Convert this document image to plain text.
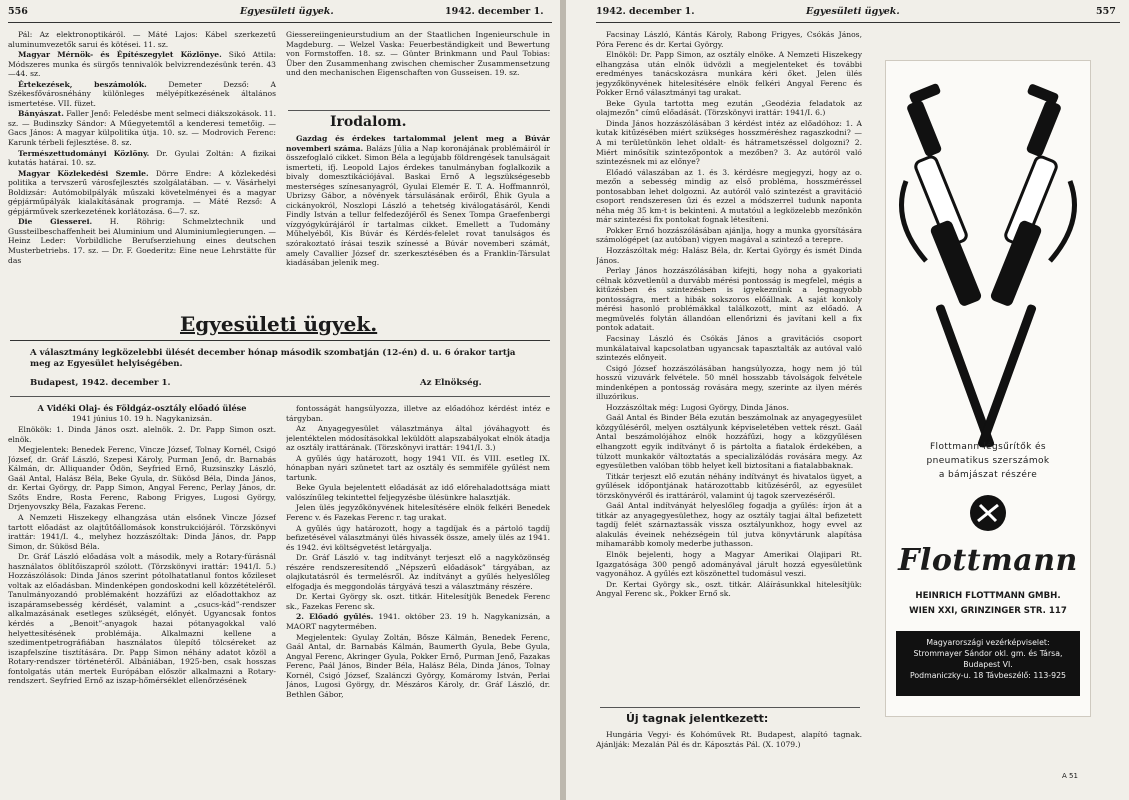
556	Egyesületi ügyek.	1942. december 1.

Pál: Az elektronoptikáról. — Máté Lajos: Kábel szerkezetű aluminumvezetők sarui és kötései. 11. sz.

Magyar Mérnök- és Építészegylet Közlönye. Sikó Attila: Módszeres munka és sürgős tennivalók belvizrendezésünk terén. 43—44. sz.

Értekezések, beszámolók.	Demeter Dezső: A Székesfővárosnéhány különleges mélyépítkezésének általános ismertetése. VII. füzet.

Bányászat. Faller Jenő: Feledésbe ment selmeci diákszokások. 11. sz. — Budinszky Sándor: A Műegyetemtől a kenderesi temetőig. — Gacs János: A magyar külpolitika útja. 10. sz. — Modrovich Ferenc: Karunk térbeli fejlesztése. 8. sz.

Természettudományi Közlöny. Dr. Gyulai Zoltán: A fizikai kutatás határai. 10. sz.

Magyar Közlekedési Szemle. Dörre Endre: A közlekedési politika a tervszerű városfejlesztés szolgálatában. — v. Vásárhelyi Boldizsár: Autómobilpályák műszaki követelményei és a magyar gépjárműpályák kialakításának programja. — Máté Rezső: A gépjárművek szerkezetének korlátozása. 6—7. sz.

Die Giesserei. H. Röhrig: Schmelztechnik und Gussteilbeschaffenheit bei Aluminium und Aluminiumlegierungen. — Heinz Leder: Vorbildliche Berufserziehung eines deutschen Musterbetriebs. 17. sz. — Dr. F. Goederitz: Eine neue Lehrstätte für das

Giessereiingenieurstudium an der Staatlichen Ingenieurschule in Magdeburg. — Welzel Vaska: Feuerbeständigkeit und Bewertung von Formstoffen. 18. sz. — Günter Brinkmann und Paul Tobias: Über den Zusammenhang zwischen chemischer Zusammensetzung und den mechanischen Eigenschaften von Gusseisen. 19. sz.

Irodalom.

Gazdag és érdekes tartalommal jelent meg a Búvár novemberi száma. Balázs Júlia a Nap koronájának problémáiról ír összefoglaló cikket. Simon Béla a legújabb földrengések tanulságait ismerteti, ifj. Leopold Lajos érdekes tanulmányban foglalkozik a bivaly domesztikációjával. Baskai Ernő A legszükségesebb mesterséges színesanyagról, Gyulai Elemér E. T. A. Hoffmannról, Ubrizsy Gábor, a növények társulásának erőiről, Éhik Gyula a cickányokról, Noszlopi László a tehetség kiválogatásáról, Kendi Findly István a tellur felfedezőjéről és Senex Tompa Graefenbergi vízgyógykúrájáról ír tartalmas cikket. Emellett a Tudomány Műhelyéből, Kis Búvár és Kérdés-felelet rovat tanulságos és szórakoztató írásai teszik színessé a Búvár novemberi számát, amely Cavallier József dr. szerkesztésében és a Franklin-Társulat kiadásában jelenik meg.

Egyesületi ügyek.
A választmány legközelebbi ülését december hónap második szombatján (12-én) d. u. 6 órakor tartja meg az Egyesület helyiségében.
Budapest, 1942. december 1.	Az Elnökség.
A Vidéki Olaj- és Földgáz-osztály előadó ülése
1941 június 10. 19 h. Nagykanizsán.

Elnökök: 1. Dinda János oszt. alelnök. 2. Dr. Papp Simon oszt. elnök.

Megjelentek: Benedek Ferenc, Vincze József, Tolnay Kornél, Csigó József, dr. Gráf László, Szepesi Károly, Purman Jenő, dr. Barnabás Kálmán, dr. Alliquander Ödön, Seyfried Ernő, Ruzsinszky László, Gaál Antal, Halász Béla, Beke Gyula, dr. Sükösd Béla, Dinda János, dr. Kertai György, dr. Papp Simon, Angyal Ferenc, Perlay János, dr. Szőts Endre, Rosta Ferenc, Rabong Frigyes, Lugosi György, Drjenyovszky Béla, Fazakas Ferenc.

A Nemzeti Hiszekegy elhangzása után elsőnek Vincze József tartott előadást az olajtűtőállomások konstrukciójáról. Törzskönyvi irattár: 1941/I. 4., melyhez hozzászóltak: Dinda János, dr. Papp Simon, dr. Sükösd Béla.

Dr. Gráf László előadása volt a második, mely a Rotary-fúrásnál használatos öblítőiszapról szólott. (Törzskönyvi irattár: 1941/I. 5.) Hozzászólások: Dinda János szerint pótolhatatlanul fontos kőzileset voltak az előadásban. Mindenképen gondoskodni kell közzétételéről. Tanulmányozandó problémaként hozzáfűzi az előadottakhoz az iszapáramsebesség kérdését, valamint a „csucs-kád”-rendszer alkalmazásának esetleges szükségét, előnyét. Ugyancsak fontos kérdés a „Benoit”-anyagok hazai pótanyagokkal való helyettesítésének problémája. Alkalmazni kellene a szedimentpetrográfiában használatos ülepítő tölcséreket az iszapfelszíne tisztítására. Dr. Papp Simon néhány adatot közöl a Rotary-rendszer történetéről. Albániában, 1925-ben, csak hosszas fontolgatás után mertek Európában először alkalmazni a Rotary-rendszert. Seyfried Ernő az iszap-hőmérséklet ellenőrzésének

fontosságát hangsúlyozza, illetve az előadóhoz kérdést intéz e tárgyban.

Az Anyagegyesület választmánya által jóváhagyott és jelentéktelen módosításokkal leküldött alapszabályokat elnök átadja az osztály irattárának. (Törzskönyvi irattár: 1941/I. 3.)

A gyűlés úgy határozott, hogy 1941 VII. és VIII. esetleg IX. hónapban nyári szünetet tart az osztály és semmiféle gyűlést nem tartunk.

Beke Gyula bejelentett előadását az idő előrehaladottsága miatt valószínűleg tekintettel feljegyzésbe ülésünkre halasztják.

Jelen ülés jegyzőkönyvének hitelesítésére elnök felkéri Benedek Ferenc v. és Fazekas Ferenc r. tag urakat.

A gyűlés úgy határozott, hogy a tagdíjak és a pártoló tagdíj befizetésével választmányi ülés hivassék össze, amely ülés az 1941. és 1942. évi költségvetést letárgyalja.

Dr. Gráf László v. tag indítványt terjeszt elő a nagyközönség részére rendszeresítendő „Népszerű előadások” tárgyában, az olajkutatásról és termelésről. Az indítványt a gyűlés helyeslőleg elfogadja és meggondolás tárgyává teszi a választmány részére.

Dr. Kertai György sk. oszt. titkár. Hitelesítjük Benedek Ferenc sk., Fazekas Ferenc sk.

2. Előadó gyűlés. 1941. október 23. 19 h. Nagykanizsán, a MAORT nagytermében.

Megjelentek: Gyulay Zoltán, Bősze Kálmán, Benedek Ferenc, Gaál Antal, dr. Barnabás Kálmán, Baumerth Gyula, Bebe Gyula, Angyal Ferenc, Akringer Gyula, Pokker Ernő, Purman Jenő, Fazakas Ferenc, Paál János, Binder Béla, Halász Béla, Dinda János, Tolnay Kornél, Csigó József, Szalánczi György, Komáromy István, Perlai János, Lugosi György, dr. Mészáros Károly, dr. Gráf László, dr. Bethlen Gábor,

1942. december 1.	Egyesületi ügyek.	557

Facsinay László, Kántás Károly, Rabong Frigyes, Csókás János, Póra Ferenc és dr. Kertai György.

Elnököl: Dr. Papp Simon, az osztály elnöke. A Nemzeti Hiszekegy elhangzása után elnök üdvözli a megjelenteket és további eredményes tanácskozásra munkára kéri őket. Jelen ülés jegyzőkönyvének hitelesítésére elnök felkéri Angyal Ferenc és Pokker Ernő választmányi tag urakat.

Beke Gyula tartotta meg ezután „Geodézia feladatok az olajmezőn” című előadását. (Törzskönyvi irattár: 1941/I. 6.)

Dinda János hozzászólásában 3 kérdést intéz az előadóhoz: 1. A kutak kitűzésében miért szükséges hosszméréshez ragaszkodni? — A mi területünkön lehet oldalt- és hátrametszéssel dolgozni? 2. Miért minősítik szintezőpontok a mezőben? 3. Az autóról való szintezésnek mi az előnye?

Előadó válaszában az 1. és 3. kérdésre megjegyzi, hogy az o. mezőn a sebesség mindig az első probléma, hosszméréssel pontosabban lehet dolgozni. Az autóról való szintezést a gravitáció csoport rendszeresen űzi és ezzel a módszerrel tudunk naponta néha még 35 km-t is bekinteni. A mutatóul a legközelebb mezőnkön már szintezési fix pontokat fognak létesíteni.

Pokker Ernő hozzászólásában ajánlja, hogy a munka gyorsítására számológépet (az autóban) vigyen magával a szintező a terepre.

Hozzászóltak még: Halász Béla, dr. Kertai György és ismét Dinda János.

Perlay János hozzászólásában kifejti, hogy noha a gyakoriati célnak közvetlenül a durvább mérési pontosság is megfelel, mégis a kitűzésben és szintezésben is igyekeznünk a legnagyobb pontosságra, mert a hibák sokszoros előállnak. A saját konkoly mérési hasonló problémákkal találkozott, mint az előadó. A megmüvelés folytán állandóan ellenőrizni és javítani kell a fix pontok adatait.

Facsinay László és Csókás János a gravitációs csoport munkálataival kapcsolatban ugyancsak tapasztalták az autóval való szintezés előnyeit.

Csigó József hozzászólásában hangsúlyozza, hogy nem jó túl hosszú vizuvárk felvétele. 50 mnél hosszabb távolságok felvétele mindenképen a pontosság rovására megy, szerinte az ilyen mérés illuzórikus.

Hozzászóltak még: Lugosi György, Dinda János.

Gaál Antal és Binder Béla ezután beszámolnak az anyagegyesület közgyűléséről, melyen osztályunk képviseletében vettek részt. Gaál Antal beszámolójához elnök hozzáfűzi, hogy a közgyűlésen elhangzott egyik indítványt ő is pártolta a fiatalok érdekében, a túlzott munkakör változtatás a specializálódás rovására megy. Az egyesületben valóban több helyet kell biztosítani a fiatalabbaknak.

Titkár terjeszt elő ezután néhány indítványt és hivatalos ügyet, a gyűlések időpontjának határozottabb kitűzéséről, az egyesület törzskönyvéről és irattáráról, valamint új tagok szervezéséről.

Gaál Antal indítványát helyeslőleg fogadja a gyűlés: írjon át a titkár az anyagegyesülethez, hogy az osztály tagjai által befizetett tagdíj felét szárnaztassák vissza osztályunkhoz, hogy evvel az alakulás éveinek nehézségein túl jutva könyvtárunk alapítása mihamarább komoly mederbe juthasson.

Elnök bejelenti, hogy a Magyar Amerikai Olajipari Rt. Igazgatósága 300 pengő adományával járult hozzá egyesületünk vagyonához. A gyűlés ezt köszönettel tudomásul veszi.

Dr. Kertai György sk., oszt. titkár. Aláírásunkkal hitelesítjük: Angyal Ferenc sk., Pokker Ernő sk.

Új tagnak jelentkezett:

Hungária Vegyi- és Kohóművek Rt. Budapest, alapító tagnak. Ajánlják: Mezalán Pál és dr. Káposztás Pál. (X. 1079.)

Flottmann-légsűrítők és
pneumatikus szerszámok
a bámjászat részére
Flottmann
HEINRICH FLOTTMANN GMBH.
WIEN XXI, GRINZINGER STR. 117
Magyarországi vezérképviselet:
Strommayer Sándor okl. gm. és Társa,
Budapest VI.
Podmaniczky-u. 18 Távbeszélő: 113-925
A 51
